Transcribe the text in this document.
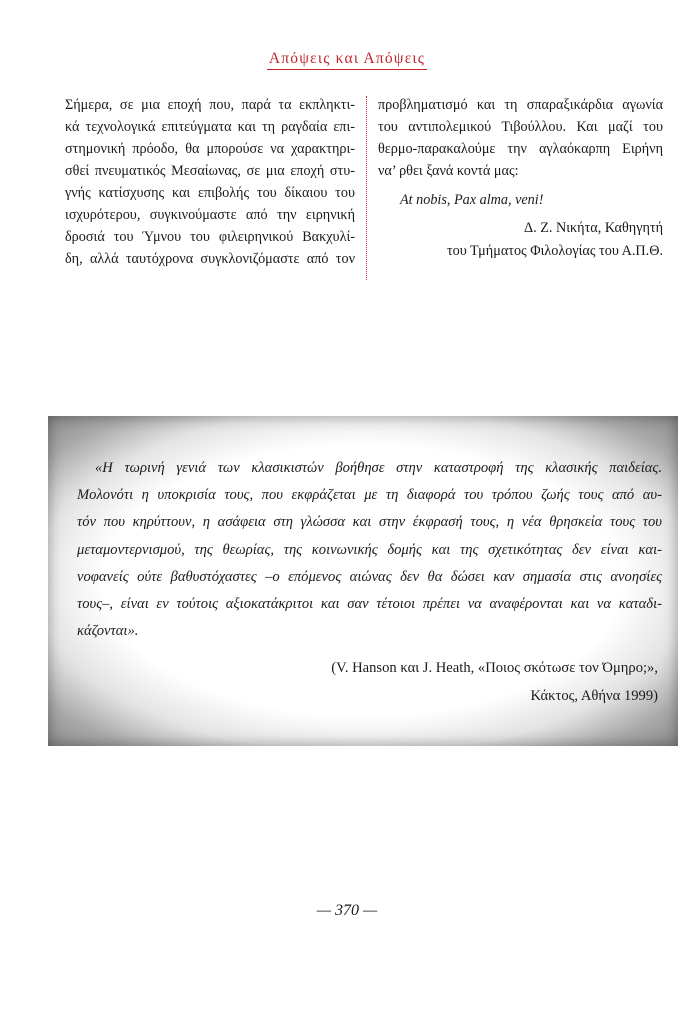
Απόψεις και Απόψεις
Σήμερα, σε μια εποχή που, παρά τα εκπληκτι-
κά τεχνολογικά επιτεύγματα και τη ραγδαία επι-
στημονική πρόοδο, θα μπορούσε να χαρακτηρι-
σθεί πνευματικός Μεσαίωνας, σε μια εποχή στυ-
γνής κατίσχυσης και επιβολής του δίκαιου του
ισχυρότερου, συγκινούμαστε από την ειρηνική
δροσιά του Ύμνου του φιλειρηνικού Βακχυλί-
δη, αλλά ταυτόχρονα συγκλονιζόμαστε από τον
προβληματισμό και τη σπαραξικάρδια αγωνία
του αντιπολεμικού Τιβούλλου. Και μαζί του
θερμο-παρακαλούμε την αγλαόκαρπη Ειρήνη
να’ ρθει ξανά κοντά μας:
At nobis, Pax alma, veni!
Δ. Ζ. Νικήτα, Καθηγητή
του Τμήματος Φιλολογίας του Α.Π.Θ.
«Η τωρινή γενιά των κλασικιστών βοήθησε στην καταστροφή της κλασικής παιδείας.
Μολονότι η υποκρισία τους, που εκφράζεται με τη διαφορά του τρόπου ζωής τους από αυ-
τόν που κηρύττουν, η ασάφεια στη γλώσσα και στην έκφρασή τους, η νέα θρησκεία τους του
μεταμοντερνισμού, της θεωρίας, της κοινωνικής δομής και της σχετικότητας δεν είναι και-
νοφανείς ούτε βαθυστόχαστες –ο επόμενος αιώνας δεν θα δώσει καν σημασία στις ανοησίες
τους–, είναι εν τούτοις αξιοκατάκριτοι και σαν τέτοιοι πρέπει να αναφέρονται και να καταδι-
κάζονται».
(V. Hanson και J. Heath, «Ποιος σκότωσε τον Όμηρο;»,
Κάκτος, Αθήνα 1999)
— 370 —
